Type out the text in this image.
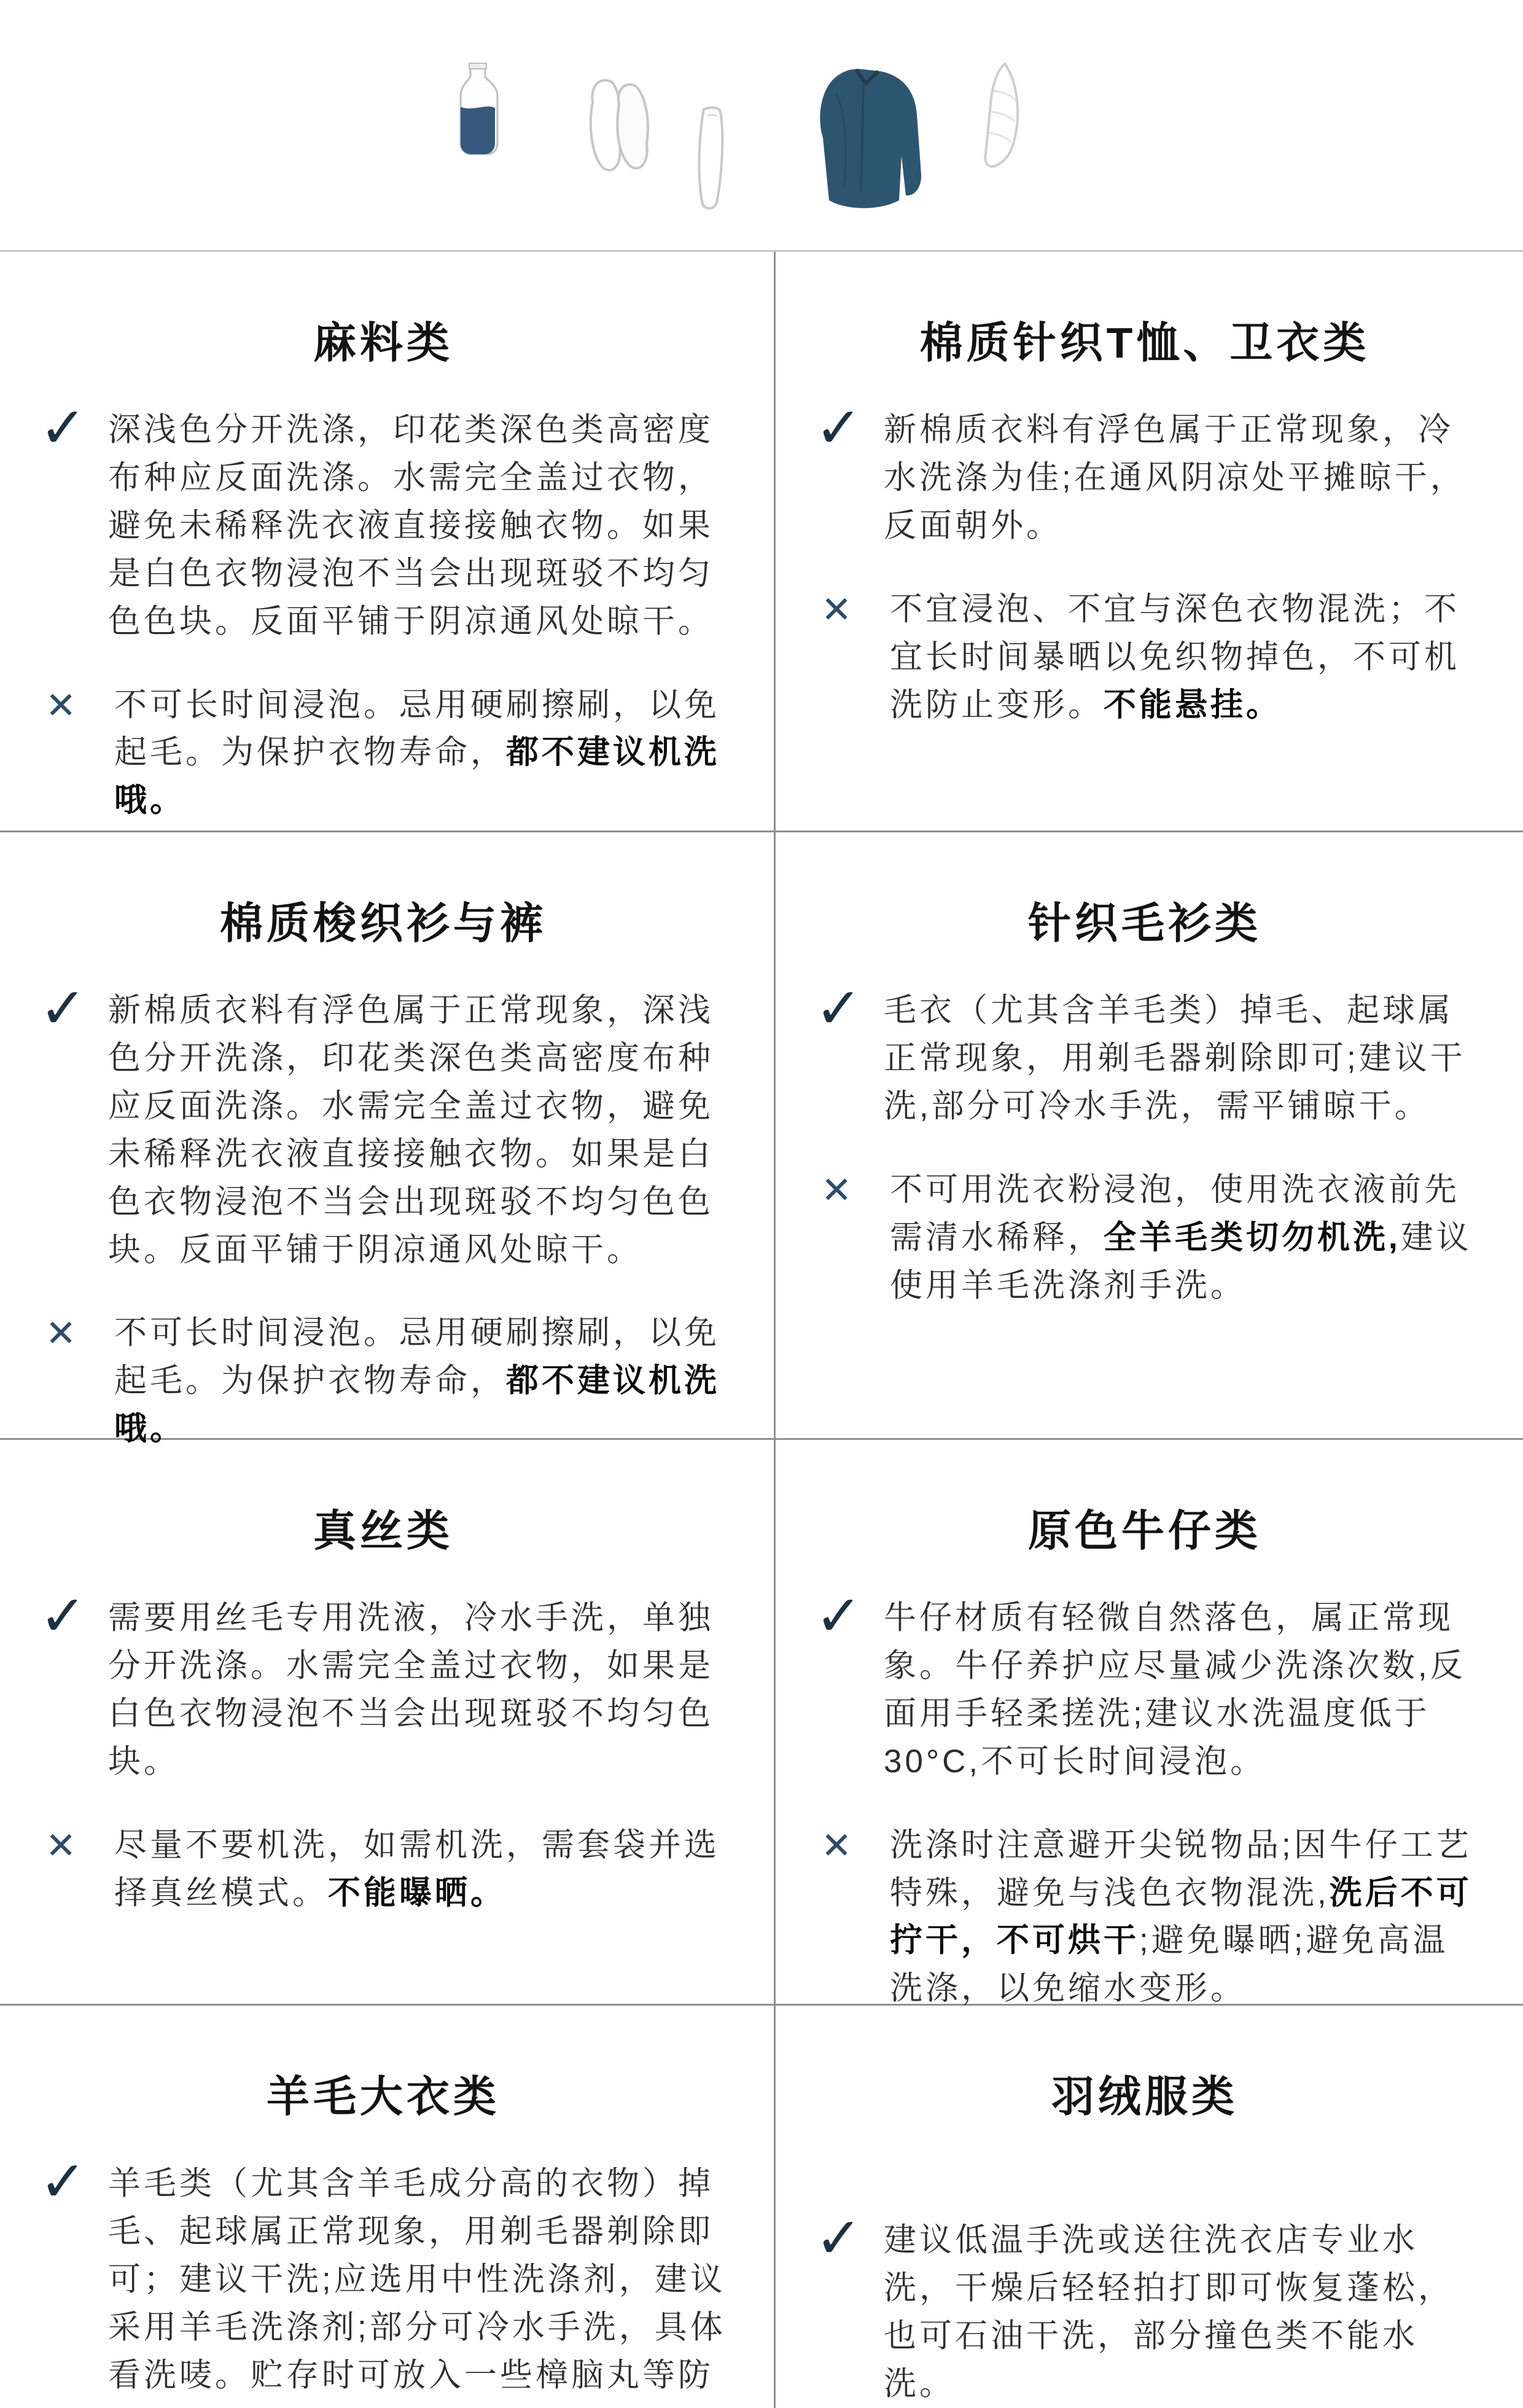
麻料类
✓ 深浅色分开洗涤，印花类深色类高密度布种应反面洗涤。水需完全盖过衣物，避免未稀释洗衣液直接接触衣物。如果是白色衣物浸泡不当会出现斑驳不均匀色色块。反面平铺于阴凉通风处晾干。

✕	不可长时间浸泡。忌用硬刷擦刷，以免起毛。为保护衣物寿命，都不建议机洗哦。

棉质针织T恤、卫衣类
✓ 新棉质衣料有浮色属于正常现象，冷水洗涤为佳;在通风阴凉处平摊晾干，反面朝外。

✕	不宜浸泡、不宜与深色衣物混洗；不宜长时间暴晒以免织物掉色，不可机洗防止变形。不能悬挂。

棉质梭织衫与裤
✓ 新棉质衣料有浮色属于正常现象，深浅色分开洗涤，印花类深色类高密度布种应反面洗涤。水需完全盖过衣物，避免未稀释洗衣液直接接触衣物。如果是白色衣物浸泡不当会出现斑驳不均匀色色块。反面平铺于阴凉通风处晾干。

✕	不可长时间浸泡。忌用硬刷擦刷，以免起毛。为保护衣物寿命，都不建议机洗哦。

针织毛衫类
✓ 毛衣（尤其含羊毛类）掉毛、起球属正常现象，用剃毛器剃除即可;建议干洗,部分可冷水手洗，需平铺晾干。

✕	不可用洗衣粉浸泡，使用洗衣液前先需清水稀释，全羊毛类切勿机洗,建议使用羊毛洗涤剂手洗。

真丝类
✓ 需要用丝毛专用洗液，冷水手洗，单独分开洗涤。水需完全盖过衣物，如果是白色衣物浸泡不当会出现斑驳不均匀色块。

✕	尽量不要机洗，如需机洗，需套袋并选择真丝模式。不能曝晒。

原色牛仔类
✓ 牛仔材质有轻微自然落色，属正常现象。牛仔养护应尽量减少洗涤次数,反面用手轻柔搓洗;建议水洗温度低于30°C,不可长时间浸泡。

✕	洗涤时注意避开尖锐物品;因牛仔工艺特殊，避免与浅色衣物混洗,洗后不可拧干，不可烘干;避免曝晒;避免高温洗涤，以免缩水变形。

羊毛大衣类
✓ 羊毛类（尤其含羊毛成分高的衣物）掉毛、起球属正常现象，用剃毛器剃除即可；建议干洗;应选用中性洗涤剂，建议采用羊毛洗涤剂;部分可冷水手洗，具体看洗唛。贮存时可放入一些樟脑丸等防

羽绒服类
✓ 建议低温手洗或送往洗衣店专业水洗，干燥后轻轻拍打即可恢复蓬松，也可石油干洗，部分撞色类不能水洗。
